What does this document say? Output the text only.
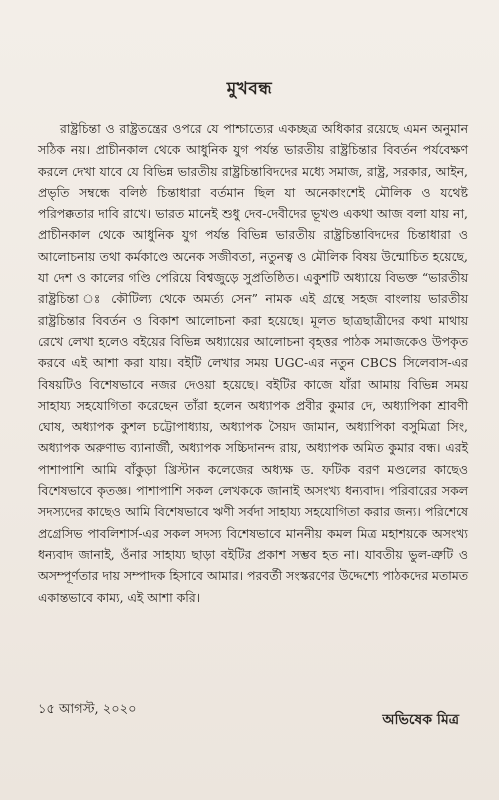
মুখবন্ধ

রাষ্ট্রচিন্তা ও রাষ্ট্রতন্ত্রের ওপরে যে পাশ্চাত্যের একচ্ছত্র অধিকার রয়েছে এমন অনুমান সঠিক নয়। প্রাচীনকাল থেকে আধুনিক যুগ পর্যন্ত ভারতীয় রাষ্ট্রচিন্তার বিবর্তন পর্যবেক্ষণ করলে দেখা যাবে যে বিভিন্ন ভারতীয় রাষ্ট্রচিন্তাবিদদের মধ্যে সমাজ, রাষ্ট্র, সরকার, আইন, প্রভৃতি সম্বন্ধে বলিষ্ঠ চিন্তাধারা বর্তমান ছিল যা অনেকাংশেই মৌলিক ও যথেষ্ট পরিপক্কতার দাবি রাখে। ভারত মানেই শুধু দেব-দেবীদের ভূখণ্ড একথা আজ বলা যায় না, প্রাচীনকাল থেকে আধুনিক যুগ পর্যন্ত বিভিন্ন ভারতীয় রাষ্ট্রচিন্তাবিদদের চিন্তাধারা ও আলোচনায় তথা কর্মকাণ্ডে অনেক সজীবতা, নতুনত্ব ও মৌলিক বিষয় উন্মোচিত হয়েছে, যা দেশ ও কালের গণ্ডি পেরিয়ে বিশ্বজুড়ে সুপ্রতিষ্ঠিত। একুশটি অধ্যায়ে বিভক্ত “ভারতীয় রাষ্ট্রচিন্তা ঃ কৌটিল্য থেকে অমর্ত্য সেন” নামক এই গ্রন্থে সহজ বাংলায় ভারতীয় রাষ্ট্রচিন্তার বিবর্তন ও বিকাশ আলোচনা করা হয়েছে। মূলত ছাত্রছাত্রীদের কথা মাথায় রেখে লেখা হলেও বইয়ের বিভিন্ন অধ্যায়ের আলোচনা বৃহত্তর পাঠক সমাজকেও উপকৃত করবে এই আশা করা যায়। বইটি লেখার সময় UGC-এর নতুন CBCS সিলেবাস-এর বিষয়টিও বিশেষভাবে নজর দেওয়া হয়েছে। বইটির কাজে যাঁরা আমায় বিভিন্ন সময় সাহায্য সহযোগিতা করেছেন তাঁরা হলেন অধ্যাপক প্রবীর কুমার দে, অধ্যাপিকা শ্রাবণী ঘোষ, অধ্যাপক কুশল চট্টোপাধ্যায়, অধ্যাপক সৈয়দ জামান, অধ্যাপিকা বসুমিত্রা সিং, অধ্যাপক অরুণাভ ব্যানার্জী, অধ্যাপক সচ্চিদানন্দ রায়, অধ্যাপক অমিত কুমার বন্ধ। এরই পাশাপাশি আমি বাঁকুড়া খ্রিস্টান কলেজের অধ্যক্ষ ড. ফটিক বরণ মণ্ডলের কাছেও বিশেষভাবে কৃতজ্ঞ। পাশাপাশি সকল লেখককে জানাই অসংখ্য ধন্যবাদ। পরিবারের সকল সদস্যদের কাছেও আমি বিশেষভাবে ঋণী সর্বদা সাহায্য সহযোগিতা করার জন্য। পরিশেষে প্রগ্রেসিভ পাবলিশার্স-এর সকল সদস্য বিশেষভাবে মাননীয় কমল মিত্র মহাশয়কে অসংখ্য ধন্যবাদ জানাই, ওঁনার সাহায্য ছাড়া বইটির প্রকাশ সম্ভব হত না। যাবতীয় ভুল-ত্রুটি ও অসম্পূর্ণতার দায় সম্পাদক হিসাবে আমার। পরবর্তী সংস্করণের উদ্দেশ্যে পাঠকদের মতামত একান্তভাবে কাম্য, এই আশা করি।

১৫ আগস্ট, ২০২০
অভিষেক মিত্র
